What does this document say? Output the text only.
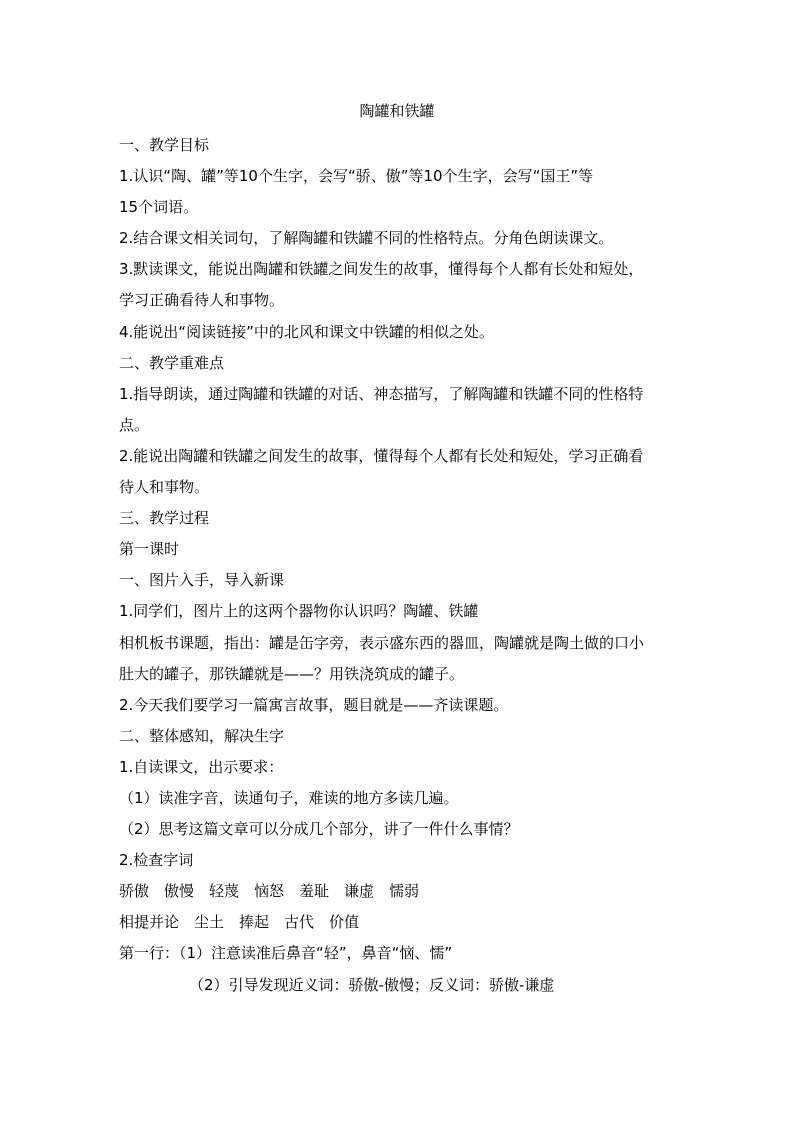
陶罐和铁罐
一、教学目标
1.认识“陶、罐”等10个生字，会写“骄、傲”等10个生字，会写“国王”等
15个词语。
2.结合课文相关词句，了解陶罐和铁罐不同的性格特点。分角色朗读课文。
3.默读课文，能说出陶罐和铁罐之间发生的故事，懂得每个人都有长处和短处，
学习正确看待人和事物。
4.能说出“阅读链接”中的北风和课文中铁罐的相似之处。
二、教学重难点
1.指导朗读，通过陶罐和铁罐的对话、神态描写，了解陶罐和铁罐不同的性格特
点。
2.能说出陶罐和铁罐之间发生的故事，懂得每个人都有长处和短处，学习正确看
待人和事物。
三、教学过程
第一课时
一、图片入手，导入新课
1.同学们，图片上的这两个器物你认识吗？陶罐、铁罐
相机板书课题，指出：罐是缶字旁，表示盛东西的器皿，陶罐就是陶土做的口小
肚大的罐子，那铁罐就是——？用铁浇筑成的罐子。
2.今天我们要学习一篇寓言故事，题目就是——齐读课题。
二、整体感知，解决生字
1.自读课文，出示要求：
（1）读准字音，读通句子，难读的地方多读几遍。
（2）思考这篇文章可以分成几个部分，讲了一件什么事情？
2.检查字词
骄傲　傲慢　轻蔑　恼怒　羞耻　谦虚　懦弱
相提并论　尘土　捧起　古代　价值
第一行：（1）注意读准后鼻音“轻”，鼻音“恼、懦”
（2）引导发现近义词：骄傲-傲慢；反义词：骄傲-谦虚
